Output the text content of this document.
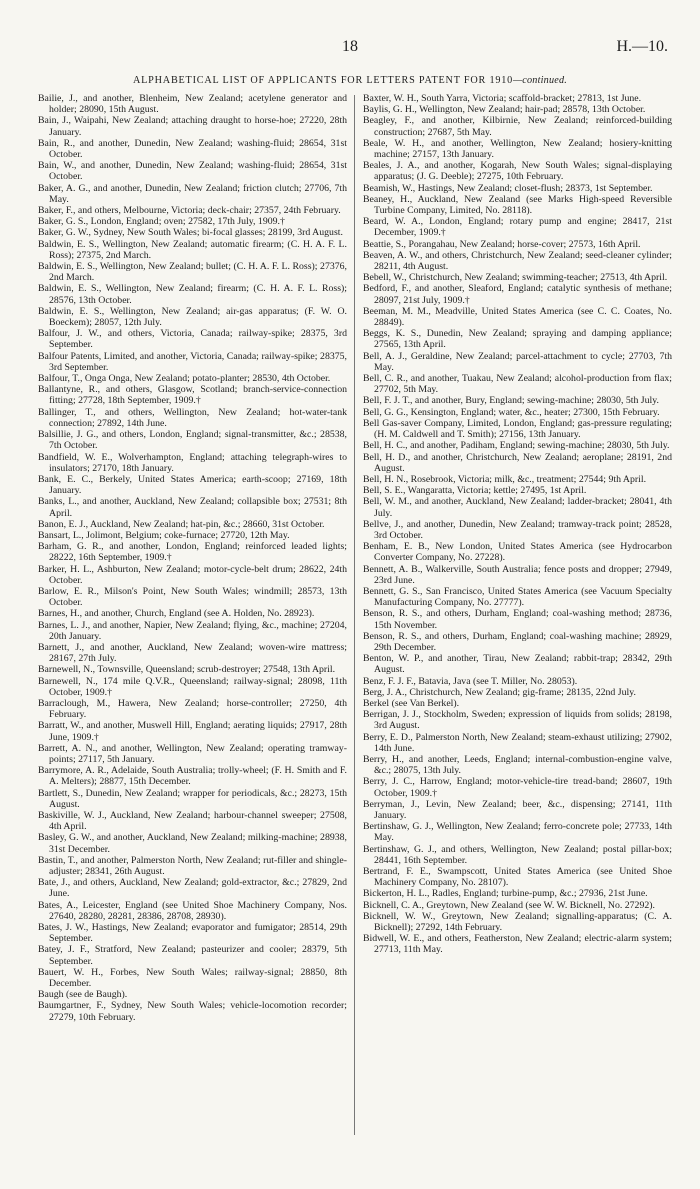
18	H.—10.
ALPHABETICAL LIST OF APPLICANTS FOR LETTERS PATENT FOR 1910—continued.

Bailie, J., and another, Blenheim, New Zealand; acetylene generator and holder; 28090, 15th August.

Bain, J., Waipahi, New Zealand; attaching draught to horse-hoe; 27220, 28th January.

Bain, R., and another, Dunedin, New Zealand; washing-fluid; 28654, 31st October.

Bain, W., and another, Dunedin, New Zealand; washing-fluid; 28654, 31st October.

Baker, A. G., and another, Dunedin, New Zealand; friction clutch; 27706, 7th May.

Baker, F., and others, Melbourne, Victoria; deck-chair; 27357, 24th February.

Baker, G. S., London, England; oven; 27582, 17th July, 1909.†

Baker, G. W., Sydney, New South Wales; bi-focal glasses; 28199, 3rd August.

Baldwin, E. S., Wellington, New Zealand; automatic firearm; (C. H. A. F. L. Ross); 27375, 2nd March.

Baldwin, E. S., Wellington, New Zealand; bullet; (C. H. A. F. L. Ross); 27376, 2nd March.

Baldwin, E. S., Wellington, New Zealand; firearm; (C. H. A. F. L. Ross); 28576, 13th October.

Baldwin, E. S., Wellington, New Zealand; air-gas apparatus; (F. W. O. Boeckem); 28057, 12th July.

Balfour, J. W., and others, Victoria, Canada; railway-spike; 28375, 3rd September.

Balfour Patents, Limited, and another, Victoria, Canada; railway-spike; 28375, 3rd September.

Balfour, T., Onga Onga, New Zealand; potato-planter; 28530, 4th October.

Ballantyne, R., and others, Glasgow, Scotland; branch-service-connection fitting; 27728, 18th September, 1909.†

Ballinger, T., and others, Wellington, New Zealand; hot-water-tank connection; 27892, 14th June.

Balsillie, J. G., and others, London, England; signal-transmitter, &c.; 28538, 7th October.

Bandfield, W. E., Wolverhampton, England; attaching telegraph-wires to insulators; 27170, 18th January.

Bank, E. C., Berkely, United States America; earth-scoop; 27169, 18th January.

Banks, L., and another, Auckland, New Zealand; collapsible box; 27531; 8th April.

Banon, E. J., Auckland, New Zealand; hat-pin, &c.; 28660, 31st October.

Bansart, L., Jolimont, Belgium; coke-furnace; 27720, 12th May.

Barham, G. R., and another, London, England; reinforced leaded lights; 28222, 16th September, 1909.†

Barker, H. L., Ashburton, New Zealand; motor-cycle-belt drum; 28622, 24th October.

Barlow, E. R., Milson's Point, New South Wales; windmill; 28573, 13th October.

Barnes, H., and another, Church, England (see A. Holden, No. 28923).

Barnes, L. J., and another, Napier, New Zealand; flying, &c., machine; 27204, 20th January.

Barnett, J., and another, Auckland, New Zealand; woven-wire mattress; 28167, 27th July.

Barnewell, N., Townsville, Queensland; scrub-destroyer; 27548, 13th April.

Barnewell, N., 174 mile Q.V.R., Queensland; railway-signal; 28098, 11th October, 1909.†

Barraclough, M., Hawera, New Zealand; horse-controller; 27250, 4th February.

Barratt, W., and another, Muswell Hill, England; aerating liquids; 27917, 28th June, 1909.†

Barrett, A. N., and another, Wellington, New Zealand; operating tramway-points; 27117, 5th January.

Barrymore, A. R., Adelaide, South Australia; trolly-wheel; (F. H. Smith and F. A. Melters); 28877, 15th December.

Bartlett, S., Dunedin, New Zealand; wrapper for periodicals, &c.; 28273, 15th August.

Baskiville, W. J., Auckland, New Zealand; harbour-channel sweeper; 27508, 4th April.

Basley, G. W., and another, Auckland, New Zealand; milking-machine; 28938, 31st December.

Bastin, T., and another, Palmerston North, New Zealand; rut-filler and shingle-adjuster; 28341, 26th August.

Bate, J., and others, Auckland, New Zealand; gold-extractor, &c.; 27829, 2nd June.

Bates, A., Leicester, England (see United Shoe Machinery Company, Nos. 27640, 28280, 28281, 28386, 28708, 28930).

Bates, J. W., Hastings, New Zealand; evaporator and fumigator; 28514, 29th September.

Batey, J. F., Stratford, New Zealand; pasteurizer and cooler; 28379, 5th September.

Bauert, W. H., Forbes, New South Wales; railway-signal; 28850, 8th December.

Baugh (see de Baugh).

Baumgartner, F., Sydney, New South Wales; vehicle-locomotion recorder; 27279, 10th February.

Baxter, W. H., South Yarra, Victoria; scaffold-bracket; 27813, 1st June.

Baylis, G. H., Wellington, New Zealand; hair-pad; 28578, 13th October.

Beagley, F., and another, Kilbirnie, New Zealand; reinforced-building construction; 27687, 5th May.

Beale, W. H., and another, Wellington, New Zealand; hosiery-knitting machine; 27157, 13th January.

Beales, J. A., and another, Kogarah, New South Wales; signal-displaying apparatus; (J. G. Deeble); 27275, 10th February.

Beamish, W., Hastings, New Zealand; closet-flush; 28373, 1st September.

Beaney, H., Auckland, New Zealand (see Marks High-speed Reversible Turbine Company, Limited, No. 28118).

Beard, W. A., London, England; rotary pump and engine; 28417, 21st December, 1909.†

Beattie, S., Porangahau, New Zealand; horse-cover; 27573, 16th April.

Beaven, A. W., and others, Christchurch, New Zealand; seed-cleaner cylinder; 28211, 4th August.

Bebell, W., Christchurch, New Zealand; swimming-teacher; 27513, 4th April.

Bedford, F., and another, Sleaford, England; catalytic synthesis of methane; 28097, 21st July, 1909.†

Beeman, M. M., Meadville, United States America (see C. C. Coates, No. 28849).

Beggs, K. S., Dunedin, New Zealand; spraying and damping appliance; 27565, 13th April.

Bell, A. J., Geraldine, New Zealand; parcel-attachment to cycle; 27703, 7th May.

Bell, C. R., and another, Tuakau, New Zealand; alcohol-production from flax; 27702, 5th May.

Bell, F. J. T., and another, Bury, England; sewing-machine; 28030, 5th July.

Bell, G. G., Kensington, England; water, &c., heater; 27300, 15th February.

Bell Gas-saver Company, Limited, London, England; gas-pressure regulating; (H. M. Caldwell and T. Smith); 27156, 13th January.

Bell, H. C., and another, Padiham, England; sewing-machine; 28030, 5th July.

Bell, H. D., and another, Christchurch, New Zealand; aeroplane; 28191, 2nd August.

Bell, H. N., Rosebrook, Victoria; milk, &c., treatment; 27544; 9th April.

Bell, S. E., Wangaratta, Victoria; kettle; 27495, 1st April.

Bell, W. M., and another, Auckland, New Zealand; ladder-bracket; 28041, 4th July.

Bellve, J., and another, Dunedin, New Zealand; tramway-track point; 28528, 3rd October.

Benham, E. B., New London, United States America (see Hydrocarbon Converter Company, No. 27228).

Bennett, A. B., Walkerville, South Australia; fence posts and dropper; 27949, 23rd June.

Bennett, G. S., San Francisco, United States America (see Vacuum Specialty Manufacturing Company, No. 27777).

Benson, R. S., and others, Durham, England; coal-washing method; 28736, 15th November.

Benson, R. S., and others, Durham, England; coal-washing machine; 28929, 29th December.

Benton, W. P., and another, Tirau, New Zealand; rabbit-trap; 28342, 29th August.

Benz, F. J. F., Batavia, Java (see T. Miller, No. 28053).

Berg, J. A., Christchurch, New Zealand; gig-frame; 28135, 22nd July.

Berkel (see Van Berkel).

Berrigan, J. J., Stockholm, Sweden; expression of liquids from solids; 28198, 3rd August.

Berry, E. D., Palmerston North, New Zealand; steam-exhaust utilizing; 27902, 14th June.

Berry, H., and another, Leeds, England; internal-combustion-engine valve, &c.; 28075, 13th July.

Berry, J. C., Harrow, England; motor-vehicle-tire tread-band; 28607, 19th October, 1909.†

Berryman, J., Levin, New Zealand; beer, &c., dispensing; 27141, 11th January.

Bertinshaw, G. J., Wellington, New Zealand; ferro-concrete pole; 27733, 14th May.

Bertinshaw, G. J., and others, Wellington, New Zealand; postal pillar-box; 28441, 16th September.

Bertrand, F. E., Swampscott, United States America (see United Shoe Machinery Company, No. 28107).

Bickerton, H. L., Radles, England; turbine-pump, &c.; 27936, 21st June.

Bicknell, C. A., Greytown, New Zealand (see W. W. Bicknell, No. 27292).

Bicknell, W. W., Greytown, New Zealand; signalling-apparatus; (C. A. Bicknell); 27292, 14th February.

Bidwell, W. E., and others, Featherston, New Zealand; electric-alarm system; 27713, 11th May.
